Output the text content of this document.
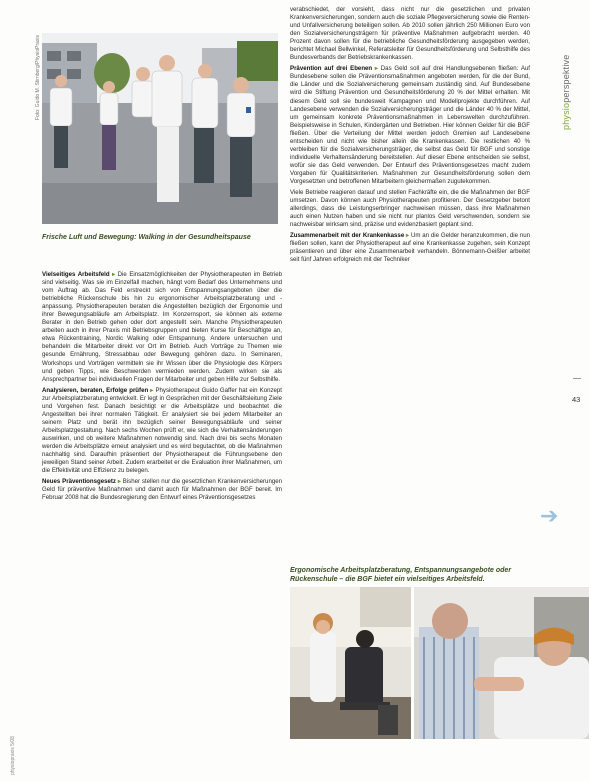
Foto: Guido M. Stirnberg/PhysioPraxis
Frische Luft und Bewegung: Walking in der Gesundheitspause

Vielseitiges Arbeitsfeld ▸ Die Einsatzmöglichkeiten der Physiotherapeuten im Betrieb sind vielseitig. Was sie im Einzelfall machen, hängt vom Bedarf des Unternehmens und vom Auftrag ab. Das Feld erstreckt sich von Entspannungsangeboten über die betriebliche Rückenschule bis hin zu ergonomischer Arbeitsplatzberatung und -anpassung. Physiotherapeuten beraten die Angestellten bezüglich der Ergonomie und ihrer Bewegungsabläufe am Arbeitsplatz. Im Konzernsport, sie können als externe Berater in den Betrieb gehen oder dort angestellt sein. Manche Physiotherapeuten arbeiten auch in ihrer Praxis mit Betriebsgruppen und bieten Kurse für Beschäftigte an, etwa Rückentraining, Nordic Walking oder Entspannung. Andere untersuchen und behandeln die Mitarbeiter direkt vor Ort im Betrieb. Auch Vorträge zu Themen wie gesunde Ernährung, Stressabbau oder Bewegung gehören dazu. In Seminaren, Workshops und Vorträgen vermitteln sie ihr Wissen über die Physiologie des Körpers und geben Tipps, wie Beschwerden vermieden werden. Zudem wirken sie als Ansprechpartner bei individuellen Fragen der Mitarbeiter und geben Hilfe zur Selbsthilfe.

Analysieren, beraten, Erfolge prüfen ▸ Physiotherapeut Guido Gaffer hat ein Konzept zur Arbeitsplatzberatung entwickelt. Er legt in Gesprächen mit der Geschäftsleitung Ziele und Vorgehen fest. Danach besichtigt er die Arbeitsplätze und beobachtet die Angestellten bei ihrer normalen Tätigkeit. Er analysiert sie bei jedem Mitarbeiter an seinem Platz und berät ihn bezüglich seiner Bewegungsabläufe und seiner Arbeitsplatzgestaltung. Nach sechs Wochen prüft er, wie sich die Verhaltensänderungen auswirken, und ob weitere Maßnahmen notwendig sind. Nach drei bis sechs Monaten werden die Arbeitsplätze erneut analysiert und es wird begutachtet, ob die Maßnahmen nachhaltig sind. Daraufhin präsentiert der Physiotherapeut die Führungsebene den jeweiligen Stand seiner Arbeit. Zudem erarbeitet er die Evaluation ihrer Maßnahmen, um die Effektivität und Effizienz zu belegen.

Neues Präventionsgesetz ▸ Bisher stellen nur die gesetzlichen Krankenversicherungen Geld für präventive Maßnahmen und damit auch für Maßnahmen der BGF bereit. Im Februar 2008 hat die Bundesregierung den Entwurf eines Präventionsgesetzes

verabschiedet, der vorsieht, dass nicht nur die gesetzlichen und privaten Krankenversicherungen, sondern auch die soziale Pflegeversicherung sowie die Renten- und Unfallversicherung beteiligen sollen. Ab 2010 sollen jährlich 250 Millionen Euro von den Sozialversicherungsträgern für präventive Maßnahmen aufgebracht werden. 40 Prozent davon sollen für die betriebliche Gesundheitsförderung ausgegeben werden, berichtet Michael Bellwinkel, Referatsleiter für Gesundheitsförderung und Selbsthilfe des Bundesverbands der Betriebskrankenkassen.

Prävention auf drei Ebenen ▸ Das Geld soll auf drei Handlungsebenen fließen: Auf Bundesebene sollen die Präventionsmaßnahmen angeboten werden, für die der Bund, die Länder und die Sozialversicherung gemeinsam zuständig sind. Auf Bundesebene wird die Stiftung Prävention und Gesundheitsförderung 20 % der Mittel erhalten. Mit diesem Geld soll sie bundesweit Kampagnen und Modellprojekte durchführen. Auf Landesebene verwenden die Sozialversicherungsträger und die Länder 40 % der Mittel, um gemeinsam konkrete Präventionsmaßnahmen in Lebenswelten durchzuführen. Beispielsweise in Schulen, Kindergärten und Betrieben. Hier können Gelder für die BGF fließen. Über die Verteilung der Mittel werden jedoch Gremien auf Landesebene entscheiden und nicht wie bisher allein die Krankenkassen. Die restlichen 40 % verbleiben für die Sozialversicherungsträger, die selbst das Geld für BGF und sonstige individuelle Verhaltensänderung bereitstellen. Auf dieser Ebene entscheiden sie selbst, wofür sie das Geld verwenden. Der Entwurf des Präventionsgesetzes macht zudem Vorgaben für Qualitätskriterien. Maßnahmen zur Gesundheitsförderung sollen dem Vorgesetzten und betroffenen Mitarbeitern gleichermaßen zugutekommen.

Viele Betriebe reagieren darauf und stellen Fachkräfte ein, die die Maßnahmen der BGF umsetzen. Davon können auch Physiotherapeuten profitieren. Der Gesetzgeber betont allerdings, dass die Leistungserbringer nachweisen müssen, dass ihre Maßnahmen auch einen Nutzen haben und sie nicht nur planlos Geld verschwenden, sondern sie nachweisbar wirksam sind, präzise und evidenzbasiert geplant sind.

Zusammenarbeit mit der Krankenkasse ▸ Um an die Gelder heranzukommen, die nun fließen sollen, kann der Physiotherapeut auf eine Krankenkasse zugehen, sein Konzept präsentieren und über eine Zusammenarbeit verhandeln. Bönnemann-Geißler arbeitet seit fünf Jahren erfolgreich mit der Techniker

Ergonomische Arbeitsplatzberatung, Entspannungsangebote oder Rückenschule – die BGF bietet ein vielseitiges Arbeitsfeld.
physioperspektive
43
➔
physiopraxis 5/08
